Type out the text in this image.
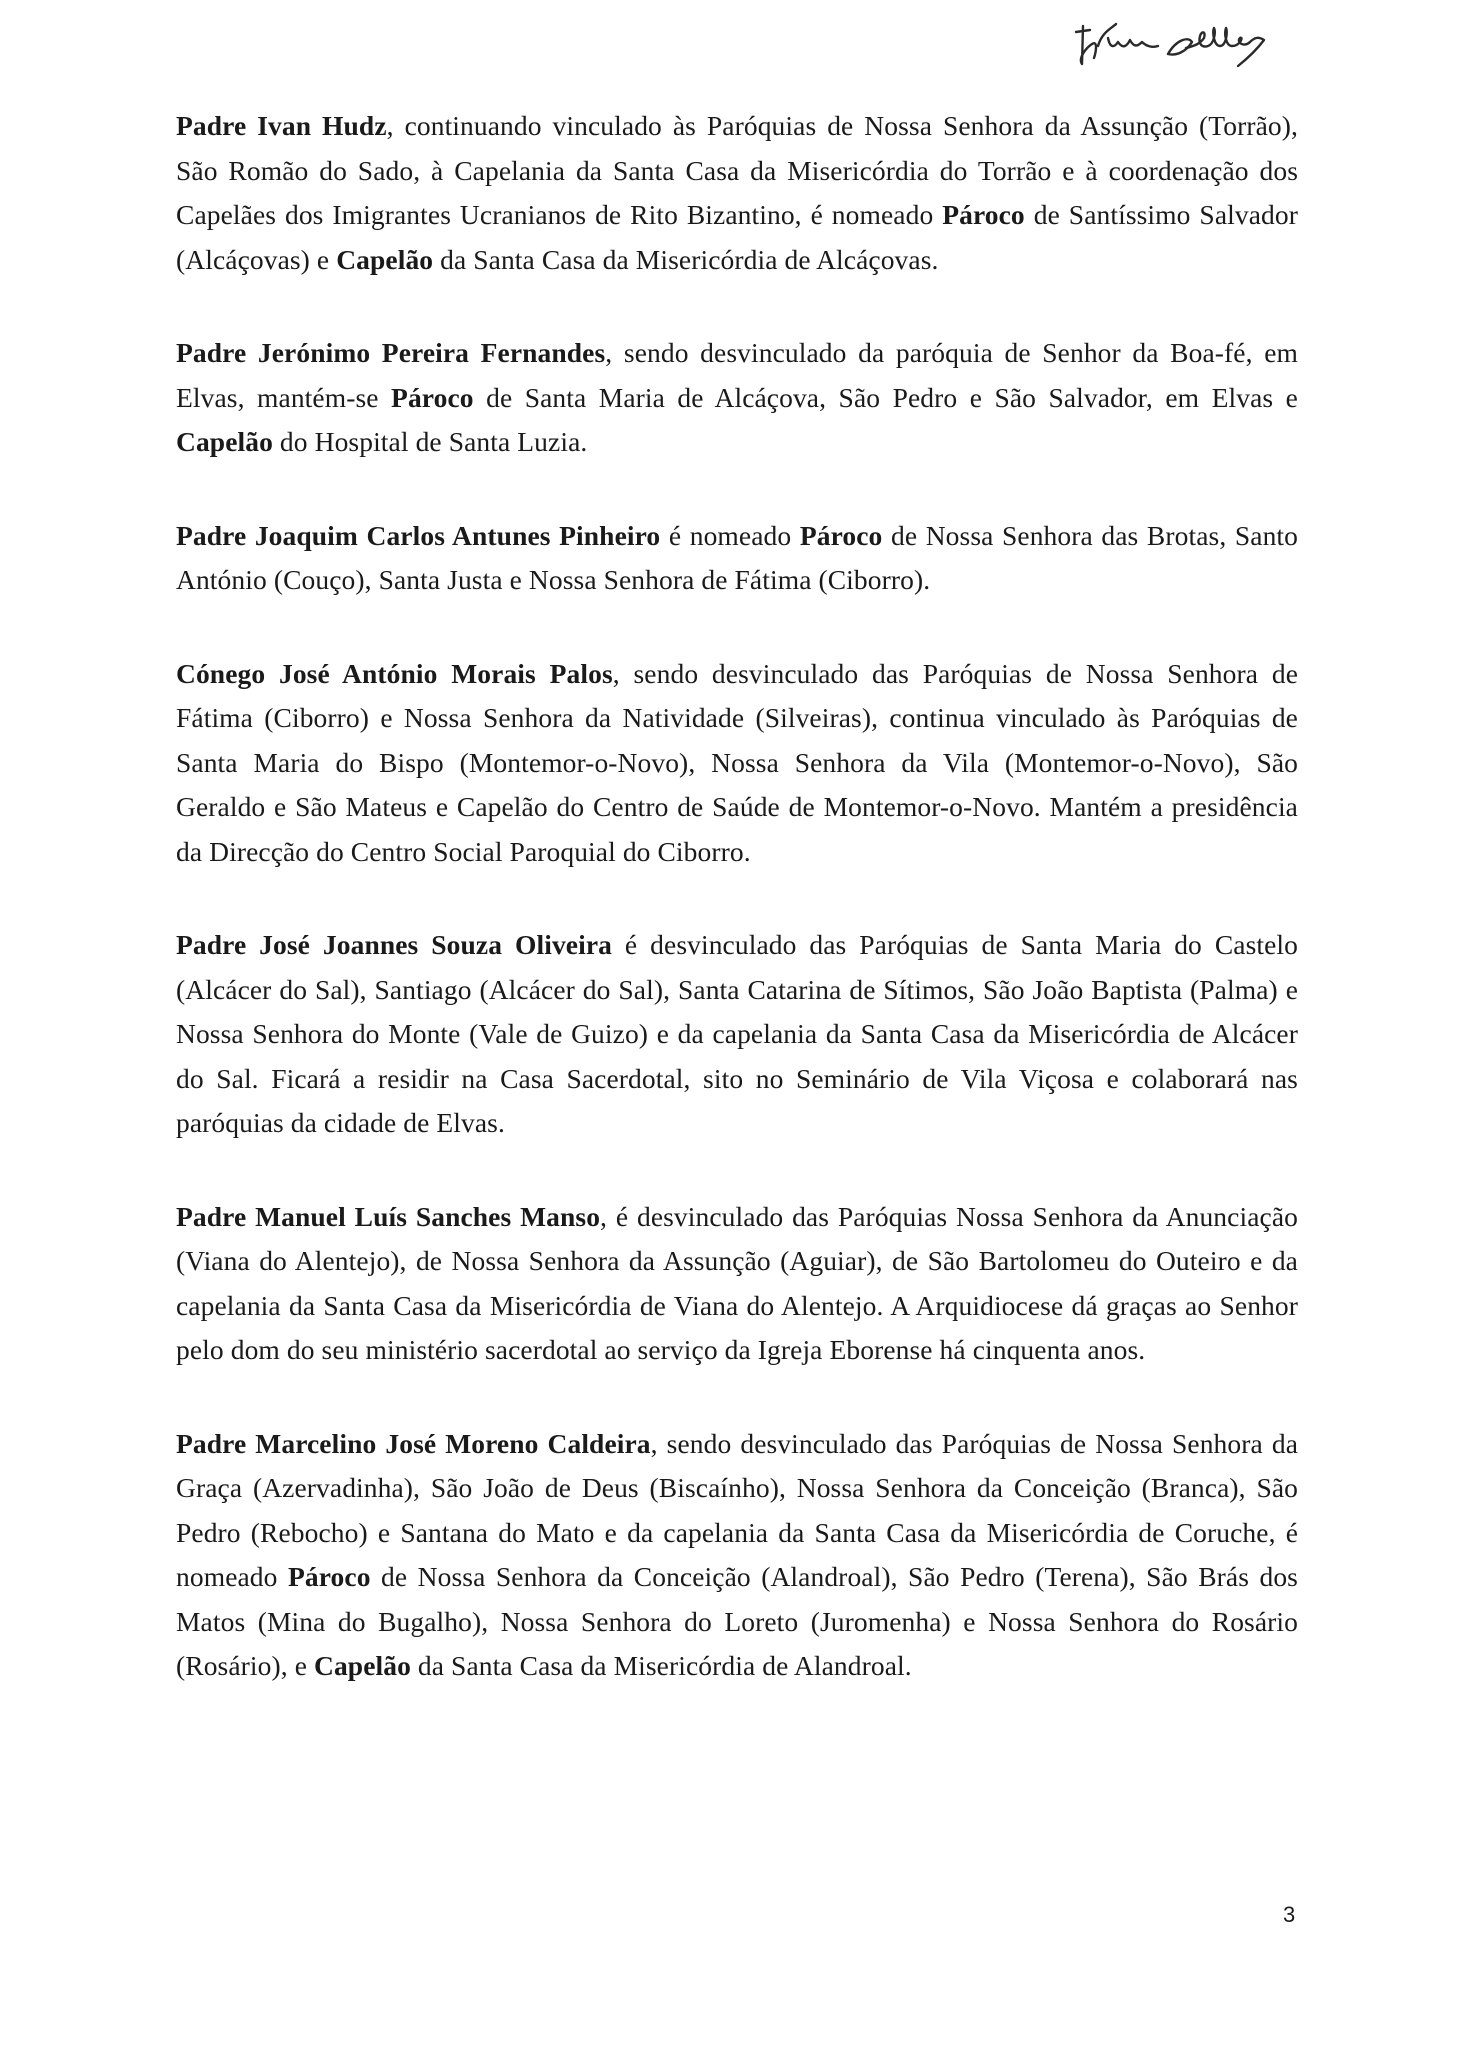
Padre Ivan Hudz, continuando vinculado às Paróquias de Nossa Senhora da Assunção (Torrão), São Romão do Sado, à Capelania da Santa Casa da Misericórdia do Torrão e à coordenação dos Capelães dos Imigrantes Ucranianos de Rito Bizantino, é nomeado Pároco de Santíssimo Salvador (Alcáçovas) e Capelão da Santa Casa da Misericórdia de Alcáçovas.

Padre Jerónimo Pereira Fernandes, sendo desvinculado da paróquia de Senhor da Boa-fé, em Elvas, mantém-se Pároco de Santa Maria de Alcáçova, São Pedro e São Salvador, em Elvas e Capelão do Hospital de Santa Luzia.

Padre Joaquim Carlos Antunes Pinheiro é nomeado Pároco de Nossa Senhora das Brotas, Santo António (Couço), Santa Justa e Nossa Senhora de Fátima (Ciborro).

Cónego José António Morais Palos, sendo desvinculado das Paróquias de Nossa Senhora de Fátima (Ciborro) e Nossa Senhora da Natividade (Silveiras), continua vinculado às Paróquias de Santa Maria do Bispo (Montemor-o-Novo), Nossa Senhora da Vila (Montemor-o-Novo), São Geraldo e São Mateus e Capelão do Centro de Saúde de Montemor-o-Novo. Mantém a presidência da Direcção do Centro Social Paroquial do Ciborro.

Padre José Joannes Souza Oliveira é desvinculado das Paróquias de Santa Maria do Castelo (Alcácer do Sal), Santiago (Alcácer do Sal), Santa Catarina de Sítimos, São João Baptista (Palma) e Nossa Senhora do Monte (Vale de Guizo) e da capelania da Santa Casa da Misericórdia de Alcácer do Sal. Ficará a residir na Casa Sacerdotal, sito no Seminário de Vila Viçosa e colaborará nas paróquias da cidade de Elvas.

Padre Manuel Luís Sanches Manso, é desvinculado das Paróquias Nossa Senhora da Anunciação (Viana do Alentejo), de Nossa Senhora da Assunção (Aguiar), de São Bartolomeu do Outeiro e da capelania da Santa Casa da Misericórdia de Viana do Alentejo. A Arquidiocese dá graças ao Senhor pelo dom do seu ministério sacerdotal ao serviço da Igreja Eborense há cinquenta anos.

Padre Marcelino José Moreno Caldeira, sendo desvinculado das Paróquias de Nossa Senhora da Graça (Azervadinha), São João de Deus (Biscaínho), Nossa Senhora da Conceição (Branca), São Pedro (Rebocho) e Santana do Mato e da capelania da Santa Casa da Misericórdia de Coruche, é nomeado Pároco de Nossa Senhora da Conceição (Alandroal), São Pedro (Terena), São Brás dos Matos (Mina do Bugalho), Nossa Senhora do Loreto (Juromenha) e Nossa Senhora do Rosário (Rosário), e Capelão da Santa Casa da Misericórdia de Alandroal.

3
